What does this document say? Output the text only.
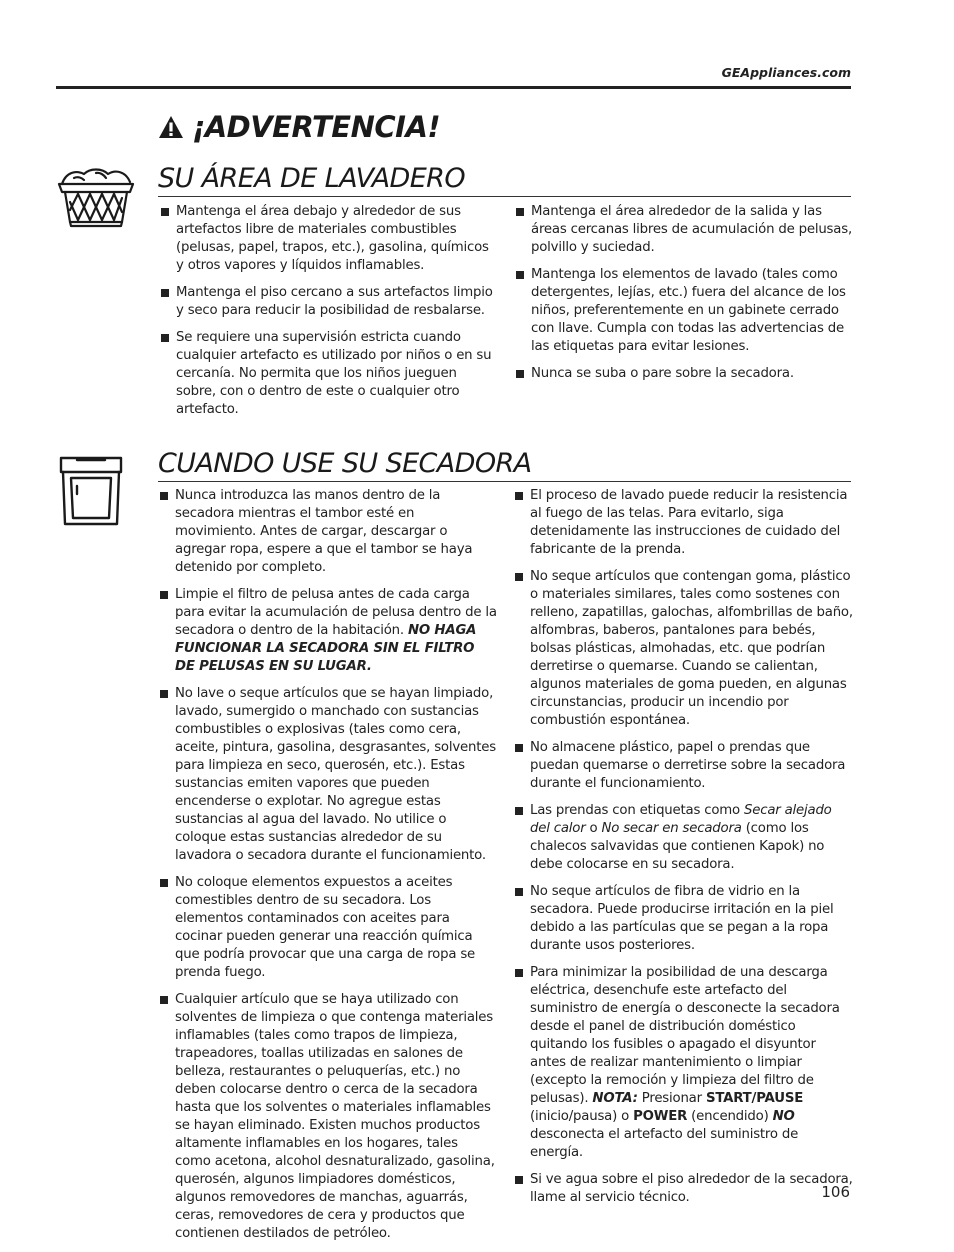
GEAppliances.com
¡ADVERTENCIA!
SU ÁREA DE LAVADERO
Mantenga el área debajo y alrededor de sus artefactos libre de materiales combustibles (pelusas, papel, trapos, etc.), gasolina, químicos y otros vapores y líquidos inflamables.
Mantenga el piso cercano a sus artefactos limpio y seco para reducir la posibilidad de resbalarse.
Se requiere una supervisión estricta cuando cualquier artefacto es utilizado por niños o en su cercanía. No permita que los niños jueguen sobre, con o dentro de este o cualquier otro artefacto.
Mantenga el área alrededor de la salida y las áreas cercanas libres de acumulación de pelusas, polvillo y suciedad.
Mantenga los elementos de lavado (tales como detergentes, lejías, etc.) fuera del alcance de los niños, preferentemente en un gabinete cerrado con llave. Cumpla con todas las advertencias de las etiquetas para evitar lesiones.
Nunca se suba o pare sobre la secadora.
CUANDO USE SU SECADORA
Nunca introduzca las manos dentro de la secadora mientras el tambor esté en movimiento. Antes de cargar, descargar o agregar ropa, espere a que el tambor se haya detenido por completo.
Limpie el filtro de pelusa antes de cada carga para evitar la acumulación de pelusa dentro de la secadora o dentro de la habitación. NO HAGA FUNCIONAR LA SECADORA SIN EL FILTRO DE PELUSAS EN SU LUGAR.
No lave o seque artículos que se hayan limpiado, lavado, sumergido o manchado con sustancias combustibles o explosivas (tales como cera, aceite, pintura, gasolina, desgrasantes, solventes para limpieza en seco, querosén, etc.). Estas sustancias emiten vapores que pueden encenderse o explotar. No agregue estas sustancias al agua del lavado. No utilice o coloque estas sustancias alrededor de su lavadora o secadora durante el funcionamiento.
No coloque elementos expuestos a aceites comestibles dentro de su secadora. Los elementos contaminados con aceites para cocinar pueden generar una reacción química que podría provocar que una carga de ropa se prenda fuego.
Cualquier artículo que se haya utilizado con solventes de limpieza o que contenga materiales inflamables (tales como trapos de limpieza, trapeadores, toallas utilizadas en salones de belleza, restaurantes o peluquerías, etc.) no deben colocarse dentro o cerca de la secadora hasta que los solventes o materiales inflamables se hayan eliminado. Existen muchos productos altamente inflamables en los hogares, tales como acetona, alcohol desnaturalizado, gasolina, querosén, algunos limpiadores domésticos, algunos removedores de manchas, aguarrás, ceras, removedores de cera y productos que contienen destilados de petróleo.
El proceso de lavado puede reducir la resistencia al fuego de las telas. Para evitarlo, siga detenidamente las instrucciones de cuidado del fabricante de la prenda.
No seque artículos que contengan goma, plástico o materiales similares, tales como sostenes con relleno, zapatillas, galochas, alfombrillas de baño, alfombras, baberos, pantalones para bebés, bolsas plásticas, almohadas, etc. que podrían derretirse o quemarse. Cuando se calientan, algunos materiales de goma pueden, en algunas circunstancias, producir un incendio por combustión espontánea.
No almacene plástico, papel o prendas que puedan quemarse o derretirse sobre la secadora durante el funcionamiento.
Las prendas con etiquetas como Secar alejado del calor o No secar en secadora (como los chalecos salvavidas que contienen Kapok) no debe colocarse en su secadora.
No seque artículos de fibra de vidrio en la secadora. Puede producirse irritación en la piel debido a las partículas que se pegan a la ropa durante usos posteriores.
Para minimizar la posibilidad de una descarga eléctrica, desenchufe este artefacto del suministro de energía o desconecte la secadora desde el panel de distribución doméstico quitando los fusibles o apagado el disyuntor antes de realizar mantenimiento o limpiar (excepto la remoción y limpieza del filtro de pelusas). NOTA: Presionar START/PAUSE (inicio/pausa) o POWER (encendido) NO desconecta el artefacto del suministro de energía.
Si ve agua sobre el piso alrededor de la secadora, llame al servicio técnico.	106
